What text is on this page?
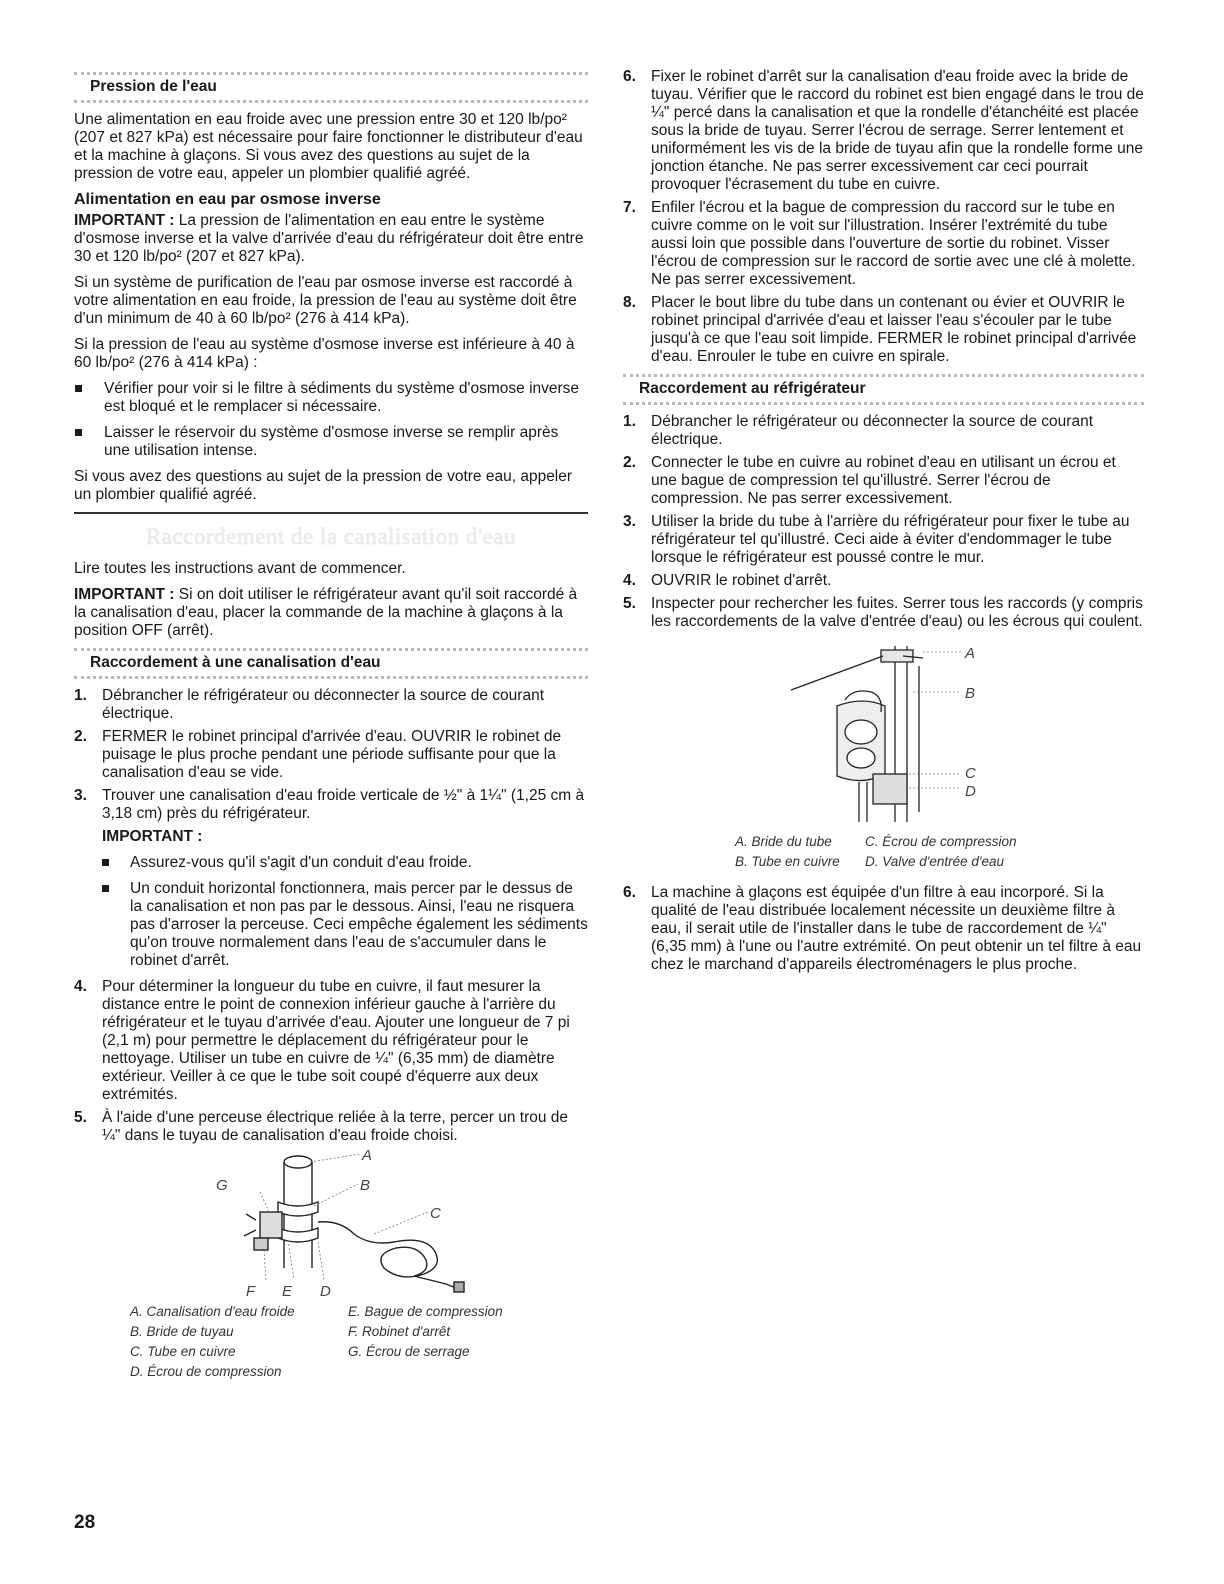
Pression de l'eau

Une alimentation en eau froide avec une pression entre 30 et 120 lb/po² (207 et 827 kPa) est nécessaire pour faire fonctionner le distributeur d'eau et la machine à glaçons. Si vous avez des questions au sujet de la pression de votre eau, appeler un plombier qualifié agréé.

Alimentation en eau par osmose inverse

IMPORTANT : La pression de l'alimentation en eau entre le système d'osmose inverse et la valve d'arrivée d'eau du réfrigérateur doit être entre 30 et 120 lb/po² (207 et 827 kPa).

Si un système de purification de l'eau par osmose inverse est raccordé à votre alimentation en eau froide, la pression de l'eau au système doit être d'un minimum de 40 à 60 lb/po² (276 à 414 kPa).

Si la pression de l'eau au système d'osmose inverse est inférieure à 40 à 60 lb/po² (276 à 414 kPa) :

Vérifier pour voir si le filtre à sédiments du système d'osmose inverse est bloqué et le remplacer si nécessaire.
Laisser le réservoir du système d'osmose inverse se remplir après une utilisation intense.

Si vous avez des questions au sujet de la pression de votre eau, appeler un plombier qualifié agréé.

Raccordement de la canalisation d'eau

Lire toutes les instructions avant de commencer.

IMPORTANT : Si on doit utiliser le réfrigérateur avant qu'il soit raccordé à la canalisation d'eau, placer la commande de la machine à glaçons à la position OFF (arrêt).

Raccordement à une canalisation d'eau
1. Débrancher le réfrigérateur ou déconnecter la source de courant électrique.
2. FERMER le robinet principal d'arrivée d'eau. OUVRIR le robinet de puisage le plus proche pendant une période suffisante pour que la canalisation d'eau se vide.
3. Trouver une canalisation d'eau froide verticale de ½" à 1¼" (1,25 cm à 3,18 cm) près du réfrigérateur.
IMPORTANT :
Assurez-vous qu'il s'agit d'un conduit d'eau froide.
Un conduit horizontal fonctionnera, mais percer par le dessus de la canalisation et non pas par le dessous. Ainsi, l'eau ne risquera pas d'arroser la perceuse. Ceci empêche également les sédiments qu'on trouve normalement dans l'eau de s'accumuler dans le robinet d'arrêt.
4. Pour déterminer la longueur du tube en cuivre, il faut mesurer la distance entre le point de connexion inférieur gauche à l'arrière du réfrigérateur et le tuyau d'arrivée d'eau. Ajouter une longueur de 7 pi (2,1 m) pour permettre le déplacement du réfrigérateur pour le nettoyage. Utiliser un tube en cuivre de ¼" (6,35 mm) de diamètre extérieur. Veiller à ce que le tube soit coupé d'équerre aux deux extrémités.
5. À l'aide d'une perceuse électrique reliée à la terre, percer un trou de ¼" dans le tuyau de canalisation d'eau froide choisi.
A
B
C
G
F E D
A. Canalisation d'eau froide
B. Bride de tuyau
C. Tube en cuivre
D. Écrou de compression
E. Bague de compression
F. Robinet d'arrêt
G. Écrou de serrage
6. Fixer le robinet d'arrêt sur la canalisation d'eau froide avec la bride de tuyau. Vérifier que le raccord du robinet est bien engagé dans le trou de ¼" percé dans la canalisation et que la rondelle d'étanchéité est placée sous la bride de tuyau. Serrer l'écrou de serrage. Serrer lentement et uniformément les vis de la bride de tuyau afin que la rondelle forme une jonction étanche. Ne pas serrer excessivement car ceci pourrait provoquer l'écrasement du tube en cuivre.
7. Enfiler l'écrou et la bague de compression du raccord sur le tube en cuivre comme on le voit sur l'illustration. Insérer l'extrémité du tube aussi loin que possible dans l'ouverture de sortie du robinet. Visser l'écrou de compression sur le raccord de sortie avec une clé à molette. Ne pas serrer excessivement.
8. Placer le bout libre du tube dans un contenant ou évier et OUVRIR le robinet principal d'arrivée d'eau et laisser l'eau s'écouler par le tube jusqu'à ce que l'eau soit limpide. FERMER le robinet principal d'arrivée d'eau. Enrouler le tube en cuivre en spirale.
Raccordement au réfrigérateur
1. Débrancher le réfrigérateur ou déconnecter la source de courant électrique.
2. Connecter le tube en cuivre au robinet d'eau en utilisant un écrou et une bague de compression tel qu'illustré. Serrer l'écrou de compression. Ne pas serrer excessivement.
3. Utiliser la bride du tube à l'arrière du réfrigérateur pour fixer le tube au réfrigérateur tel qu'illustré. Ceci aide à éviter d'endommager le tube lorsque le réfrigérateur est poussé contre le mur.
4. OUVRIR le robinet d'arrêt.
5. Inspecter pour rechercher les fuites. Serrer tous les raccords (y compris les raccordements de la valve d'entrée d'eau) ou les écrous qui coulent.
A
B
C
D
A. Bride du tube
B. Tube en cuivre
C. Écrou de compression
D. Valve d'entrée d'eau
6. La machine à glaçons est équipée d'un filtre à eau incorporé. Si la qualité de l'eau distribuée localement nécessite un deuxième filtre à eau, il serait utile de l'installer dans le tube de raccordement de ¼" (6,35 mm) à l'une ou l'autre extrémité. On peut obtenir un tel filtre à eau chez le marchand d'appareils électroménagers le plus proche.
28
